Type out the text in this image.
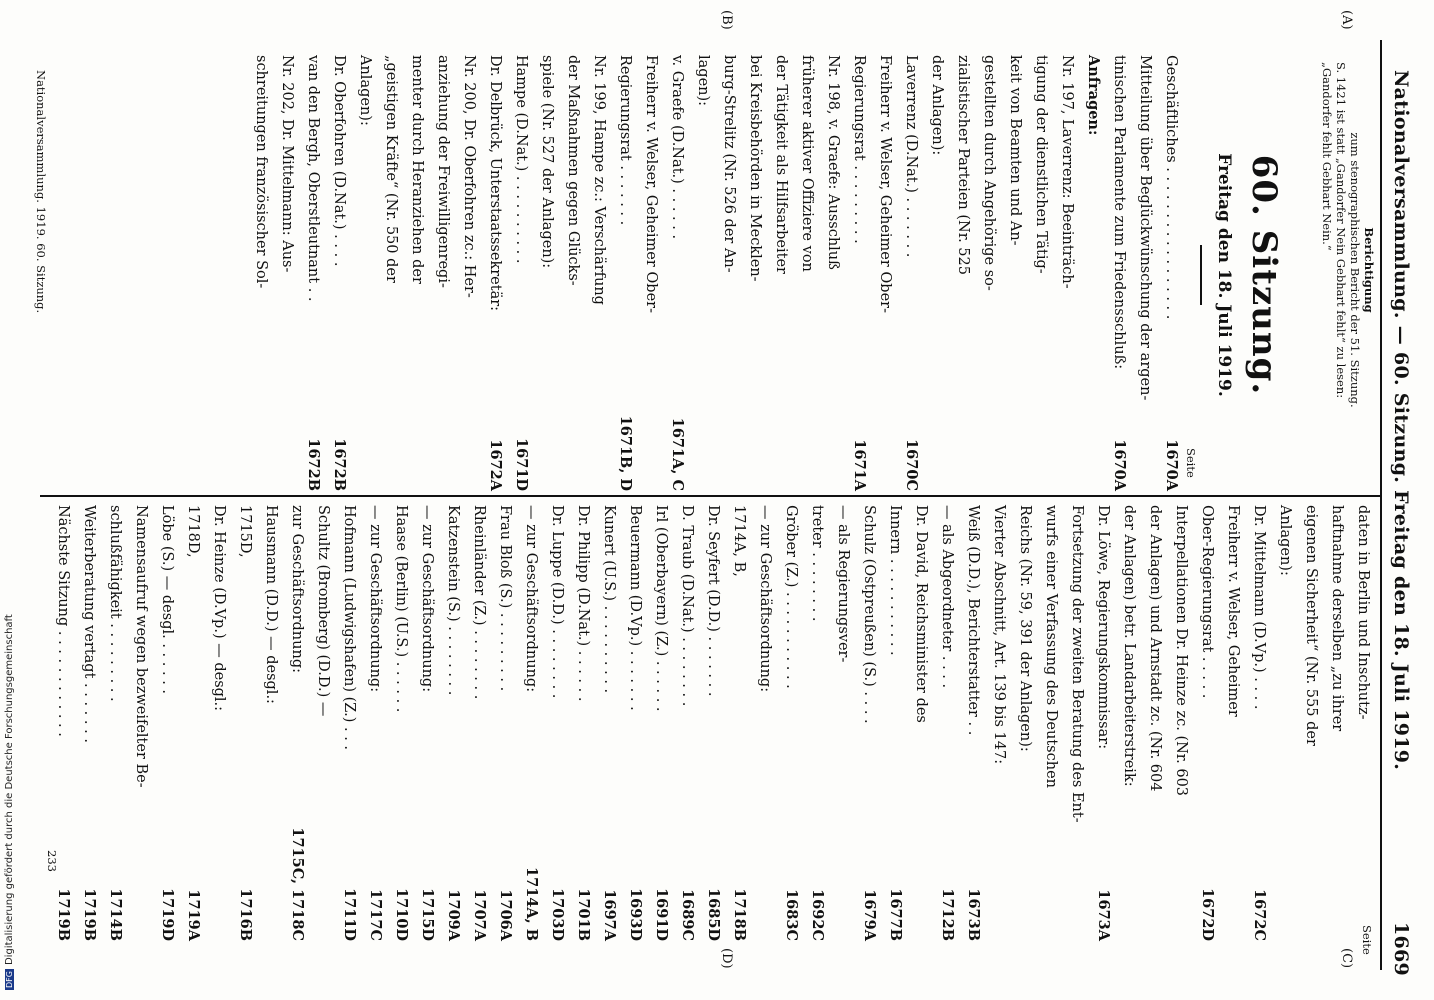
Nationalversammlung. — 60. Sitzung. Freitag den 18. Juli 1919.
1669
(A)
(B)
(C)
(D)
Berichtigung
zum stenographischen Bericht der 51. Sitzung.
S. 1421 ist statt „Gandorfer Nein Gebhart fehlt“ zu lesen:
„Gandorfer fehlt Gebhart Nein.“
60. Sitzung.
Freitag den 18. Juli 1919.
Seite
Geschäftliches . . . . . . . . . . . . . . . . .
1670A
Mitteilung über Beglückwünschung der argen-
tinischen Parlamente zum Friedensschluß:
1670A
Anfragen:
Nr. 197, Laverrenz: Beeinträch-
tigung der dienstlichen Tätig-
keit von Beamten und An-
gestellten durch Angehörige so-
zialistischer Parteien (Nr. 525
der Anlagen):
Laverrenz (D.Nat.) . . . . . . .
1670C
Freiherr v. Welser, Geheimer Ober-
Regierungsrat . . . . . . . . .
1671A
Nr. 198, v. Graefe: Ausschluß
früherer aktiver Offiziere von
der Tätigkeit als Hilfsarbeiter
bei Kreisbehörden in Mecklen-
burg-Strelitz (Nr. 526 der An-
lagen):
v. Graefe (D.Nat.) . . . . . .
1671A, C
Freiherr v. Welser, Geheimer Ober-
Regierungsrat . . . . . . .
1671B, D
Nr. 199, Hampe zc.: Verschärfung
der Maßnahmen gegen Glücks-
spiele (Nr. 527 der Anlagen):
Hampe (D.Nat.) . . . . . . . . . .
1671D
Dr. Delbrück, Unterstaatssekretär:
1672A
Nr. 200, Dr. Oberfohren zc.: Her-
anziehung der Freiwilligenregi-
menter durch Heranziehen der
„geistigen Kräfte“ (Nr. 550 der
Anlagen):
Dr. Oberfohren (D.Nat.) . . . .
1672B
van den Bergh, Oberstleutnant . .
1672B
Nr. 202, Dr. Mittelmann: Aus-
schreitungen französischer Sol-
Nationalversammlung. 1919. 60. Sitzung.
Seite
daten in Berlin und Inschutz-
haftnahme derselben „zu ihrer
eigenen Sicherheit“ (Nr. 555 der
Anlagen):
Dr. Mittelmann (D.Vp.) . . . .
1672C
Freiherr v. Welser, Geheimer
Ober-Regierungsrat . . . . .
1672D
Interpellationen Dr. Heinze zc. (Nr. 603
der Anlagen) und Arnstadt zc. (Nr. 604
der Anlagen) betr. Landarbeiterstreik:
Dr. Löwe, Regierungskommissar:
1673A
Fortsetzung der zweiten Beratung des Ent-
wurfs einer Verfassung des Deutschen
Reichs (Nr. 59, 391 der Anlagen):
Vierter Abschnitt, Art. 139 bis 147:
Weiß (D.D.), Berichterstatter . .
1673B
— als Abgeordneter . . . .
1712B
Dr. David, Reichsminister des
Innern . . . . . . . . . . .
1677B
Schulz (Ostpreußen) (S.) . . . .
1679A
— als Regierungsver-
treter . . . . . . . .
1692C
Gröber (Z.) . . . . . . . . . . .
1683C
— zur Geschäftsordnung:
1714A, B,
1718B
Dr. Seyfert (D.D.) . . . . . . .
1685D
D. Traub (D.Nat.) . . . . . . . .
1689C
Irl (Oberbayern) (Z.) . . . . . .
1691D
Beuermann (D.Vp.) . . . . . . .
1693D
Kunert (U.S.) . . . . . . . . . .
1697A
Dr. Philipp (D.Nat.) . . . . . .
1701B
Dr. Luppe (D.D.) . . . . . . . .
1703D
— zur Geschäftsordnung:
1714A, B
Frau Bloß (S.) . . . . . . . . .
1706A
Rheinländer (Z.) . . . . . . . .
1707A
Katzenstein (S.) . . . . . . . .
1709A
— zur Geschäftsordnung:
1715D
Haase (Berlin) (U.S.) . . . . . .
1710D
— zur Geschäftsordnung:
1717C
Hofmann (Ludwigshafen) (Z.) . . .
1711D
Schultz (Bromberg) (D.D.) —
zur Geschäftsordnung:
1715C, 1718C
Hausmann (D.D.) — desgl.:
1715D,
1716B
Dr. Heinze (D.Vp.) — desgl.:
1718D,
1719A
Löbe (S.) — desgl. . . . . . .
1719D
Namensaufruf wegen bezweifelter Be-
schlußfähigkeit . . . . . . . . .
1714B
Weiterberatung vertagt . . . . . . .
1719B
Nächste Sitzung . . . . . . . . . . . .
1719B
233
DFGDigitalisierung gefördert durch die Deutsche Forschungsgemeinschaft
